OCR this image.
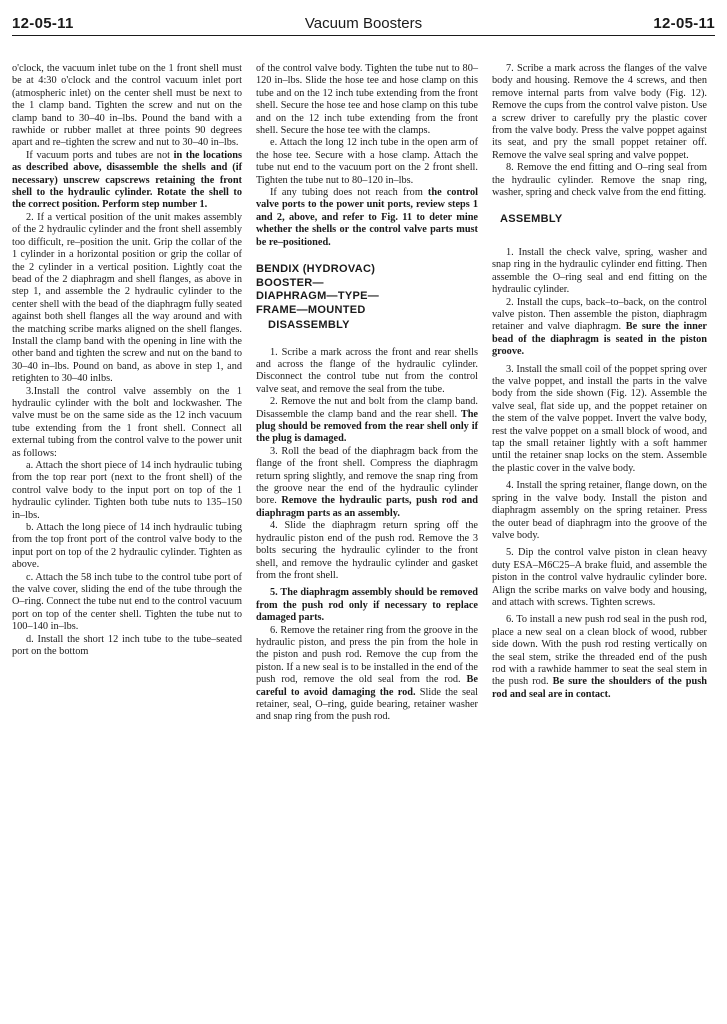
12-05-11	Vacuum Boosters	12-05-11

o'clock, the vacuum inlet tube on the 1 front shell must be at 4:30 o'clock and the control vacuum inlet port (atmospheric inlet) on the center shell must be next to the 1 clamp band. Tighten the screw and nut on the clamp band to 30–40 in–lbs. Pound the band with a rawhide or rubber mallet at three points 90 degrees apart and re–tighten the screw and nut to 30–40 in–lbs.

If vacuum ports and tubes are not in the locations as described above, disassemble the shells and (if necessary) unscrew capscrews retaining the front shell to the hydraulic cylinder. Rotate the shell to the correct position. Perform step number 1.

2. If a vertical position of the unit makes assembly of the 2 hydraulic cylinder and the front shell assembly too difficult, re–position the unit. Grip the collar of the 1 cylinder in a horizontal position or grip the collar of the 2 cylinder in a vertical position. Lightly coat the bead of the 2 diaphragm and shell flanges, as above in step 1, and assemble the 2 hydraulic cylinder to the center shell with the bead of the diaphragm fully seated against both shell flanges all the way around and with the matching scribe marks aligned on the shell flanges. Install the clamp band with the opening in line with the other band and tighten the screw and nut on the band to 30–40 in–lbs. Pound on band, as above in step 1, and retighten to 30–40 inlbs.

3.Install the control valve assembly on the 1 hydraulic cylinder with the bolt and lockwasher. The valve must be on the same side as the 12 inch vacuum tube extending from the 1 front shell. Connect all external tubing from the control valve to the power unit as follows:

a. Attach the short piece of 14 inch hydraulic tubing from the top rear port (next to the front shell) of the control valve body to the input port on top of the 1 hydraulic cylinder. Tighten both tube nuts to 135–150 in–lbs.

b. Attach the long piece of 14 inch hydraulic tubing from the top front port of the control valve body to the input port on top of the 2 hydraulic cylinder. Tighten as above.

c. Attach the 58 inch tube to the control tube port of the valve cover, sliding the end of the tube through the O–ring. Connect the tube nut end to the control vacuum port on top of the center shell. Tighten the tube nut to 100–140 in–lbs.

d. Install the short 12 inch tube to the tube–seated port on the bottom

of the control valve body. Tighten the tube nut to 80–120 in–lbs. Slide the hose tee and hose clamp on this tube and on the 12 inch tube extending from the front shell. Secure the hose tee and hose clamp on this tube and on the 12 inch tube extending from the front shell. Secure the hose tee with the clamps.

e. Attach the long 12 inch tube in the open arm of the hose tee. Secure with a hose clamp. Attach the tube nut end to the vacuum port on the 2 front shell. Tighten the tube nut to 80–120 in–lbs.

If any tubing does not reach from the control valve ports to the power unit ports, review steps 1 and 2, above, and refer to Fig. 11 to deter mine whether the shells or the control valve parts must be re–positioned.

BENDIX (HYDROVAC)
BOOSTER—
DIAPHRAGM—TYPE—
FRAME—MOUNTED
DISASSEMBLY

1. Scribe a mark across the front and rear shells and across the flange of the hydraulic cylinder. Disconnect the control tube nut from the control valve seat, and remove the seal from the tube.

2. Remove the nut and bolt from the clamp band. Disassemble the clamp band and the rear shell. The plug should be removed from the rear shell only if the plug is damaged.

3. Roll the bead of the diaphragm back from the flange of the front shell. Compress the diaphragm return spring slightly, and remove the snap ring from the groove near the end of the hydraulic cylinder bore. Remove the hydraulic parts, push rod and diaphragm parts as an assembly.

4. Slide the diaphragm return spring off the hydraulic piston end of the push rod. Remove the 3 bolts securing the hydraulic cylinder to the front shell, and remove the hydraulic cylinder and gasket from the front shell.

5. The diaphragm assembly should be removed from the push rod only if necessary to replace damaged parts.

6. Remove the retainer ring from the groove in the hydraulic piston, and press the pin from the hole in the piston and push rod. Remove the cup from the piston. If a new seal is to be installed in the end of the push rod, remove the old seal from the rod. Be careful to avoid damaging the rod. Slide the seal retainer, seal, O–ring, guide bearing, retainer washer and snap ring from the push rod.

7. Scribe a mark across the flanges of the valve body and housing. Remove the 4 screws, and then remove internal parts from valve body (Fig. 12). Remove the cups from the control valve piston. Use a screw driver to carefully pry the plastic cover from the valve body. Press the valve poppet against its seat, and pry the small poppet retainer off. Remove the valve seal spring and valve poppet.

8. Remove the end fitting and O–ring seal from the hydraulic cylinder. Remove the snap ring, washer, spring and check valve from the end fitting.

ASSEMBLY

1. Install the check valve, spring, washer and snap ring in the hydraulic cylinder end fitting. Then assemble the O–ring seal and end fitting on the hydraulic cylinder.

2. Install the cups, back–to–back, on the control valve piston. Then assemble the piston, diaphragm retainer and valve diaphragm. Be sure the inner bead of the diaphragm is seated in the piston groove.

3. Install the small coil of the poppet spring over the valve poppet, and install the parts in the valve body from the side shown (Fig. 12). Assemble the valve seal, flat side up, and the poppet retainer on the stem of the valve poppet. Invert the valve body, rest the valve poppet on a small block of wood, and tap the small retainer lightly with a soft hammer until the retainer snap locks on the stem. Assemble the plastic cover in the valve body.

4. Install the spring retainer, flange down, on the spring in the valve body. Install the piston and diaphragm assembly on the spring retainer. Press the outer bead of diaphragm into the groove of the valve body.

5. Dip the control valve piston in clean heavy duty ESA–M6C25–A brake fluid, and assemble the piston in the control valve hydraulic cylinder bore. Align the scribe marks on valve body and housing, and attach with screws. Tighten screws.

6. To install a new push rod seal in the push rod, place a new seal on a clean block of wood, rubber side down. With the push rod resting vertically on the seal stem, strike the threaded end of the push rod with a rawhide hammer to seat the seal stem in the push rod. Be sure the shoulders of the push rod and seal are in contact.
